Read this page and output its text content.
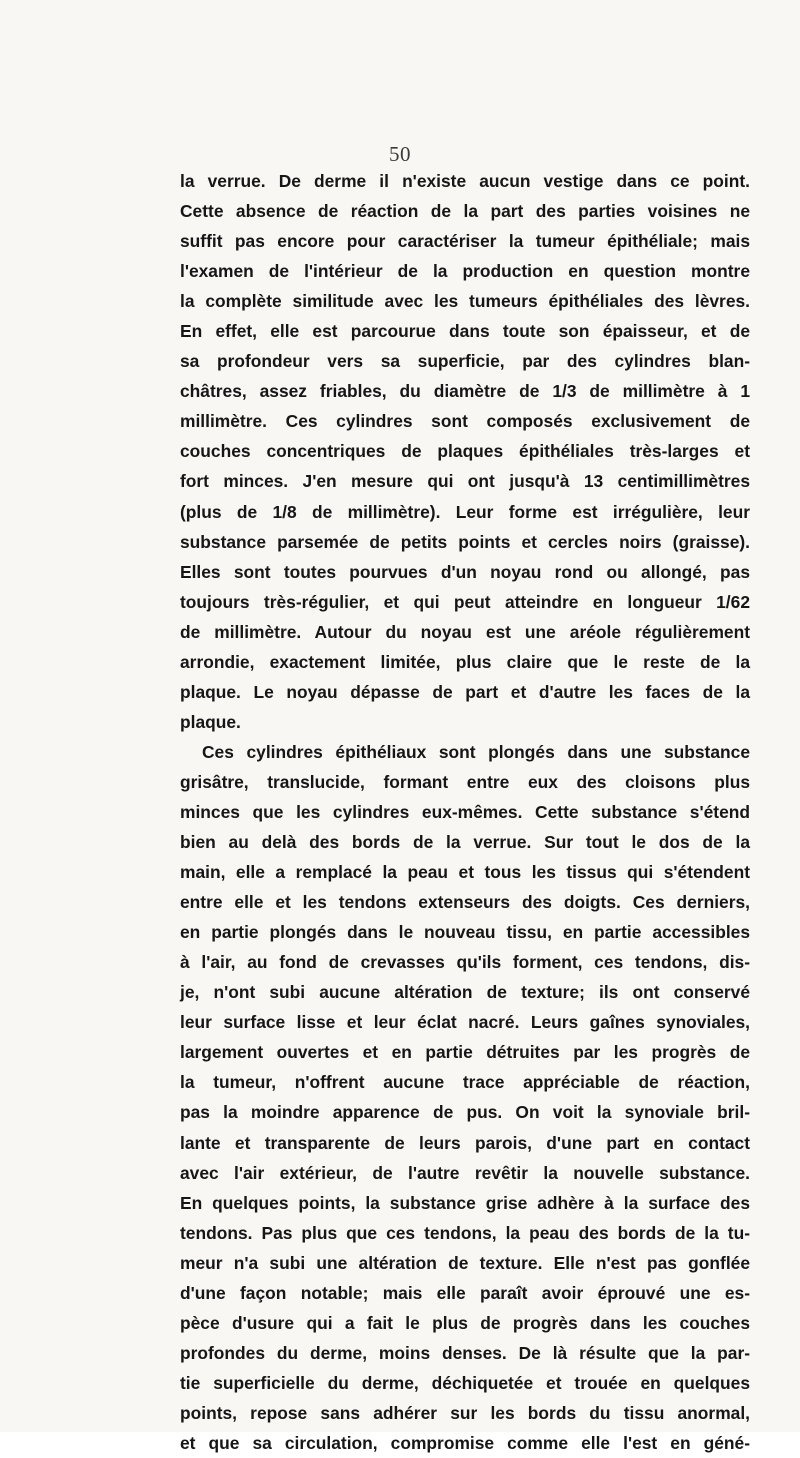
50
la verrue. De derme il n'existe aucun vestige dans ce point.
Cette absence de réaction de la part des parties voisines ne
suffit pas encore pour caractériser la tumeur épithéliale; mais
l'examen de l'intérieur de la production en question montre
la complète similitude avec les tumeurs épithéliales des lèvres.
En effet, elle est parcourue dans toute son épaisseur, et de
sa profondeur vers sa superficie, par des cylindres blan-
châtres, assez friables, du diamètre de 1/3 de millimètre à 1
millimètre. Ces cylindres sont composés exclusivement de
couches concentriques de plaques épithéliales très-larges et
fort minces. J'en mesure qui ont jusqu'à 13 centimillimètres
(plus de 1/8 de millimètre). Leur forme est irrégulière, leur
substance parsemée de petits points et cercles noirs (graisse).
Elles sont toutes pourvues d'un noyau rond ou allongé, pas
toujours très-régulier, et qui peut atteindre en longueur 1/62
de millimètre. Autour du noyau est une aréole régulièrement
arrondie, exactement limitée, plus claire que le reste de la
plaque. Le noyau dépasse de part et d'autre les faces de la
plaque.
Ces cylindres épithéliaux sont plongés dans une substance
grisâtre, translucide, formant entre eux des cloisons plus
minces que les cylindres eux-mêmes. Cette substance s'étend
bien au delà des bords de la verrue. Sur tout le dos de la
main, elle a remplacé la peau et tous les tissus qui s'étendent
entre elle et les tendons extenseurs des doigts. Ces derniers,
en partie plongés dans le nouveau tissu, en partie accessibles
à l'air, au fond de crevasses qu'ils forment, ces tendons, dis-
je, n'ont subi aucune altération de texture; ils ont conservé
leur surface lisse et leur éclat nacré. Leurs gaînes synoviales,
largement ouvertes et en partie détruites par les progrès de
la tumeur, n'offrent aucune trace appréciable de réaction,
pas la moindre apparence de pus. On voit la synoviale bril-
lante et transparente de leurs parois, d'une part en contact
avec l'air extérieur, de l'autre revêtir la nouvelle substance.
En quelques points, la substance grise adhère à la surface des
tendons. Pas plus que ces tendons, la peau des bords de la tu-
meur n'a subi une altération de texture. Elle n'est pas gonflée
d'une façon notable; mais elle paraît avoir éprouvé une es-
pèce d'usure qui a fait le plus de progrès dans les couches
profondes du derme, moins denses. De là résulte que la par-
tie superficielle du derme, déchiquetée et trouée en quelques
points, repose sans adhérer sur les bords du tissu anormal,
et que sa circulation, compromise comme elle l'est en géné-
